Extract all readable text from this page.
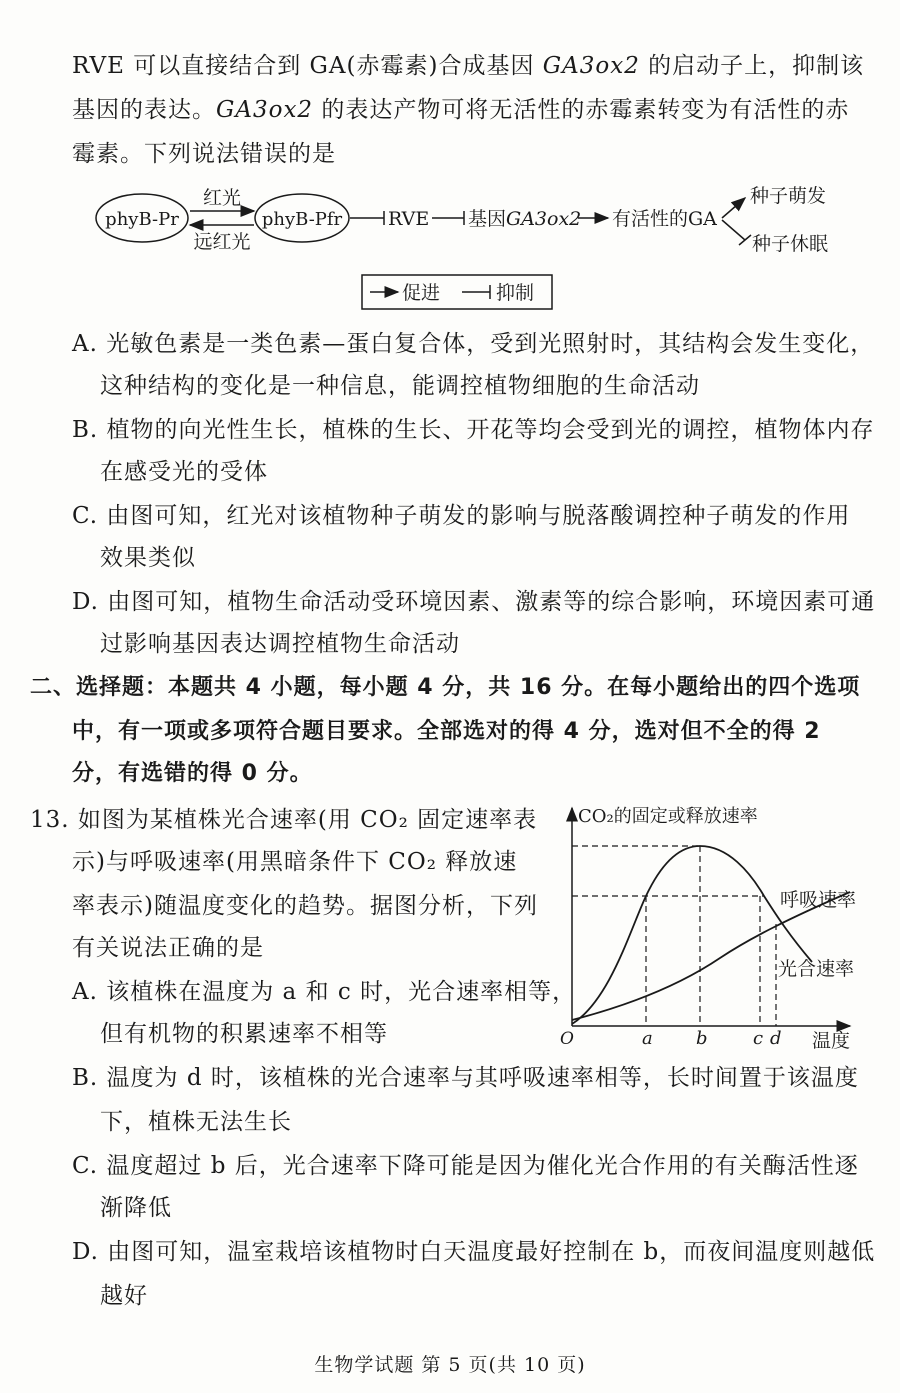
RVE 可以直接结合到 GA(赤霉素)合成基因 GA3ox2 的启动子上，抑制该
基因的表达。GA3ox2 的表达产物可将无活性的赤霉素转变为有活性的赤
霉素。下列说法错误的是
phyB-Pr	phyB-Pfr
红光
远红光
RVE 基因GA3ox2 有活性的GA
种子萌发
种子休眠
促进	抑制
A. 光敏色素是一类色素—蛋白复合体，受到光照射时，其结构会发生变化，
这种结构的变化是一种信息，能调控植物细胞的生命活动
B. 植物的向光性生长，植株的生长、开花等均会受到光的调控，植物体内存
在感受光的受体
C. 由图可知，红光对该植物种子萌发的影响与脱落酸调控种子萌发的作用
效果类似
D. 由图可知，植物生命活动受环境因素、激素等的综合影响，环境因素可通
过影响基因表达调控植物生命活动
二、选择题：本题共 4 小题，每小题 4 分，共 16 分。在每小题给出的四个选项
中，有一项或多项符合题目要求。全部选对的得 4 分，选对但不全的得 2
分，有选错的得 0 分。
13. 如图为某植株光合速率(用 CO₂ 固定速率表
示)与呼吸速率(用黑暗条件下 CO₂ 释放速
率表示)随温度变化的趋势。据图分析，下列
有关说法正确的是
A. 该植株在温度为 a 和 c 时，光合速率相等，
但有机物的积累速率不相等
CO₂的固定或释放速率
温度
O	a b	c d
呼吸速率
光合速率
B. 温度为 d 时，该植株的光合速率与其呼吸速率相等，长时间置于该温度
下，植株无法生长
C. 温度超过 b 后，光合速率下降可能是因为催化光合作用的有关酶活性逐
渐降低
D. 由图可知，温室栽培该植物时白天温度最好控制在 b，而夜间温度则越低
越好
生物学试题 第 5 页(共 10 页)
